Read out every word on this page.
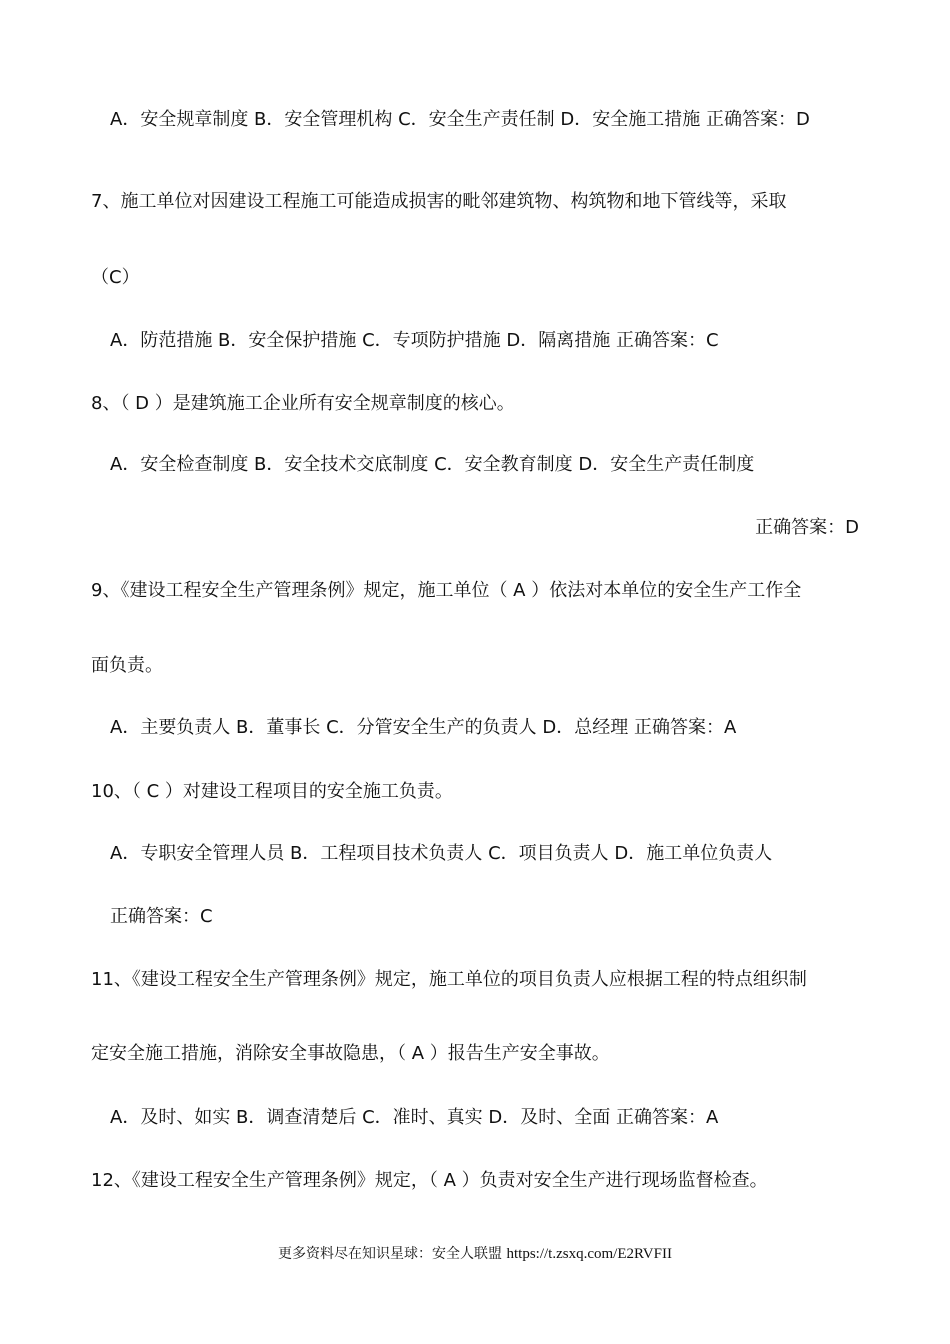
A．安全规章制度 B．安全管理机构 C．安全生产责任制 D．安全施工措施 正确答案：D
7、施工单位对因建设工程施工可能造成损害的毗邻建筑物、构筑物和地下管线等，采取
（C）
A．防范措施 B．安全保护措施 C．专项防护措施 D．隔离措施 正确答案：C
8、（ D ）是建筑施工企业所有安全规章制度的核心。
A．安全检查制度 B．安全技术交底制度 C．安全教育制度 D．安全生产责任制度
正确答案：D
9、《建设工程安全生产管理条例》规定，施工单位（ A ）依法对本单位的安全生产工作全
面负责。
A．主要负责人 B．董事长 C．分管安全生产的负责人 D．总经理 正确答案：A
10、（ C ）对建设工程项目的安全施工负责。
A．专职安全管理人员 B．工程项目技术负责人 C．项目负责人 D．施工单位负责人
正确答案：C
11、《建设工程安全生产管理条例》规定，施工单位的项目负责人应根据工程的特点组织制
定安全施工措施，消除安全事故隐患，（ A ）报告生产安全事故。
A．及时、如实 B．调查清楚后 C．准时、真实 D．及时、全面 正确答案：A
12、《建设工程安全生产管理条例》规定，（ A ）负责对安全生产进行现场监督检查。
更多资料尽在知识星球：安全人联盟 https://t.zsxq.com/E2RVFII
